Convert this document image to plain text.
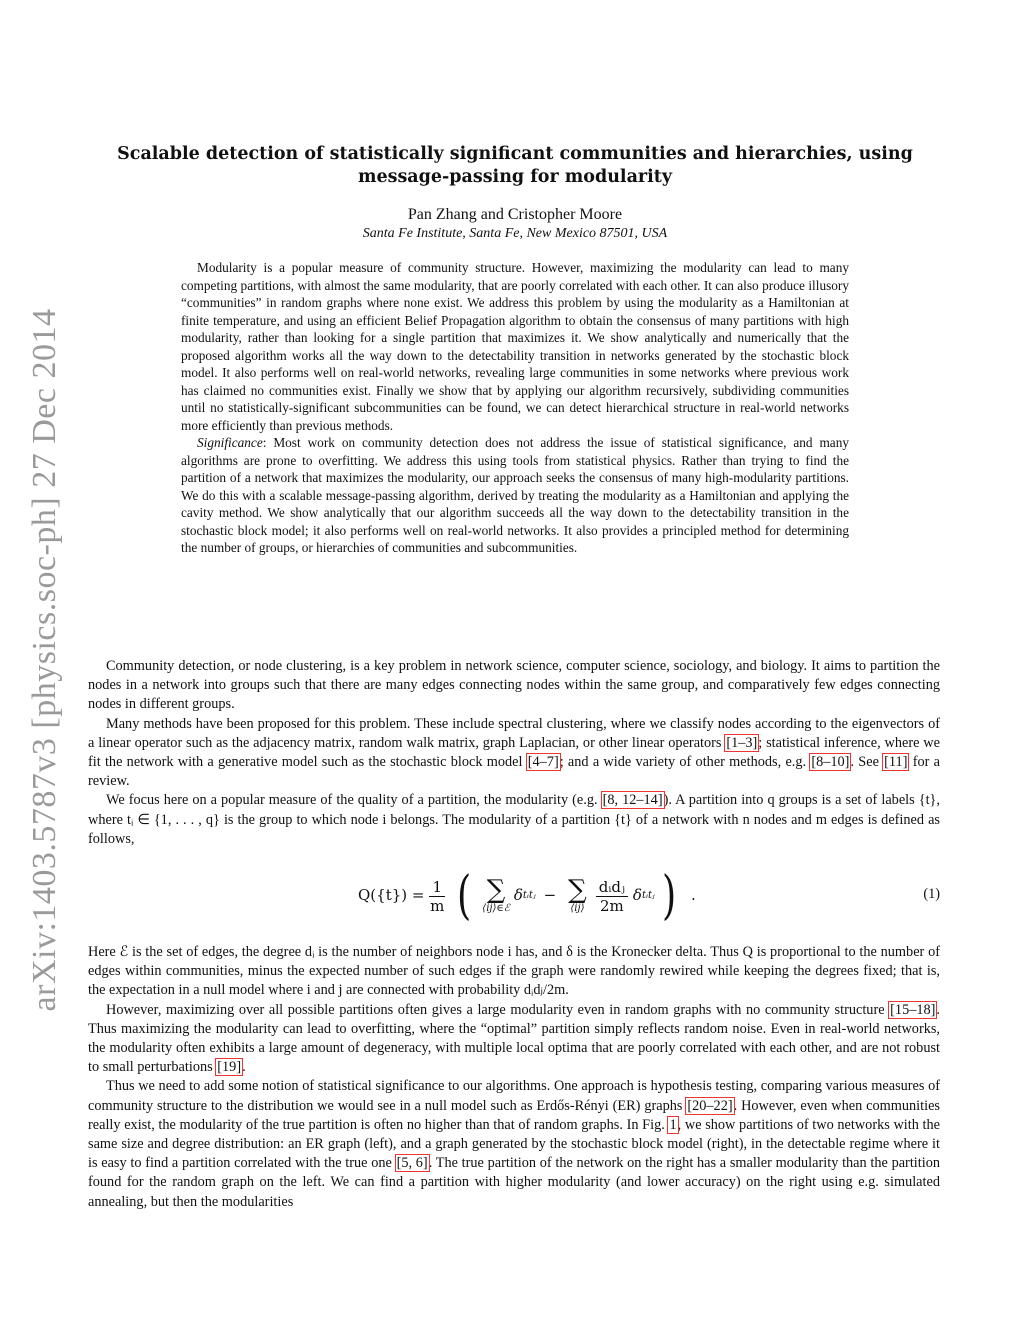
arXiv:1403.5787v3 [physics.soc-ph] 27 Dec 2014
Scalable detection of statistically significant communities and hierarchies, using message-passing for modularity
Pan Zhang and Cristopher Moore
Santa Fe Institute, Santa Fe, New Mexico 87501, USA

Modularity is a popular measure of community structure. However, maximizing the modularity can lead to many competing partitions, with almost the same modularity, that are poorly correlated with each other. It can also produce illusory “communities” in random graphs where none exist. We address this problem by using the modularity as a Hamiltonian at finite temperature, and using an efficient Belief Propagation algorithm to obtain the consensus of many partitions with high modularity, rather than looking for a single partition that maximizes it. We show analytically and numerically that the proposed algorithm works all the way down to the detectability transition in networks generated by the stochastic block model. It also performs well on real-world networks, revealing large communities in some networks where previous work has claimed no communities exist. Finally we show that by applying our algorithm recursively, subdividing communities until no statistically-significant subcommunities can be found, we can detect hierarchical structure in real-world networks more efficiently than previous methods.

Significance: Most work on community detection does not address the issue of statistical significance, and many algorithms are prone to overfitting. We address this using tools from statistical physics. Rather than trying to find the partition of a network that maximizes the modularity, our approach seeks the consensus of many high-modularity partitions. We do this with a scalable message-passing algorithm, derived by treating the modularity as a Hamiltonian and applying the cavity method. We show analytically that our algorithm succeeds all the way down to the detectability transition in the stochastic block model; it also performs well on real-world networks. It also provides a principled method for determining the number of groups, or hierarchies of communities and subcommunities.

Community detection, or node clustering, is a key problem in network science, computer science, sociology, and biology. It aims to partition the nodes in a network into groups such that there are many edges connecting nodes within the same group, and comparatively few edges connecting nodes in different groups.

Many methods have been proposed for this problem. These include spectral clustering, where we classify nodes according to the eigenvectors of a linear operator such as the adjacency matrix, random walk matrix, graph Laplacian, or other linear operators [1–3]; statistical inference, where we fit the network with a generative model such as the stochastic block model [4–7]; and a wide variety of other methods, e.g. [8–10]. See [11] for a review.

We focus here on a popular measure of the quality of a partition, the modularity (e.g. [8, 12–14]). A partition into q groups is a set of labels {t}, where tᵢ ∈ {1, . . . , q} is the group to which node i belongs. The modularity of a partition {t} of a network with n nodes and m edges is defined as follows,

$Q(\{t\}) = \frac{1}{m}$ ( ∑
⟨ij⟩∈ℰ
δ tᵢtⱼ − ∑
⟨ij⟩ $\frac{\text{dᵢdⱼ}}{2m}$ δ tᵢtⱼ ) .	(1)

Here ℰ is the set of edges, the degree dᵢ is the number of neighbors node i has, and δ is the Kronecker delta. Thus Q is proportional to the number of edges within communities, minus the expected number of such edges if the graph were randomly rewired while keeping the degrees fixed; that is, the expectation in a null model where i and j are connected with probability dᵢdⱼ/2m.

However, maximizing over all possible partitions often gives a large modularity even in random graphs with no community structure [15–18]. Thus maximizing the modularity can lead to overfitting, where the “optimal” partition simply reflects random noise. Even in real-world networks, the modularity often exhibits a large amount of degeneracy, with multiple local optima that are poorly correlated with each other, and are not robust to small perturbations [19].

Thus we need to add some notion of statistical significance to our algorithms. One approach is hypothesis testing, comparing various measures of community structure to the distribution we would see in a null model such as Erdős-Rényi (ER) graphs [20–22]. However, even when communities really exist, the modularity of the true partition is often no higher than that of random graphs. In Fig. 1, we show partitions of two networks with the same size and degree distribution: an ER graph (left), and a graph generated by the stochastic block model (right), in the detectable regime where it is easy to find a partition correlated with the true one [5, 6]. The true partition of the network on the right has a smaller modularity than the partition found for the random graph on the left. We can find a partition with higher modularity (and lower accuracy) on the right using e.g. simulated annealing, but then the modularities
